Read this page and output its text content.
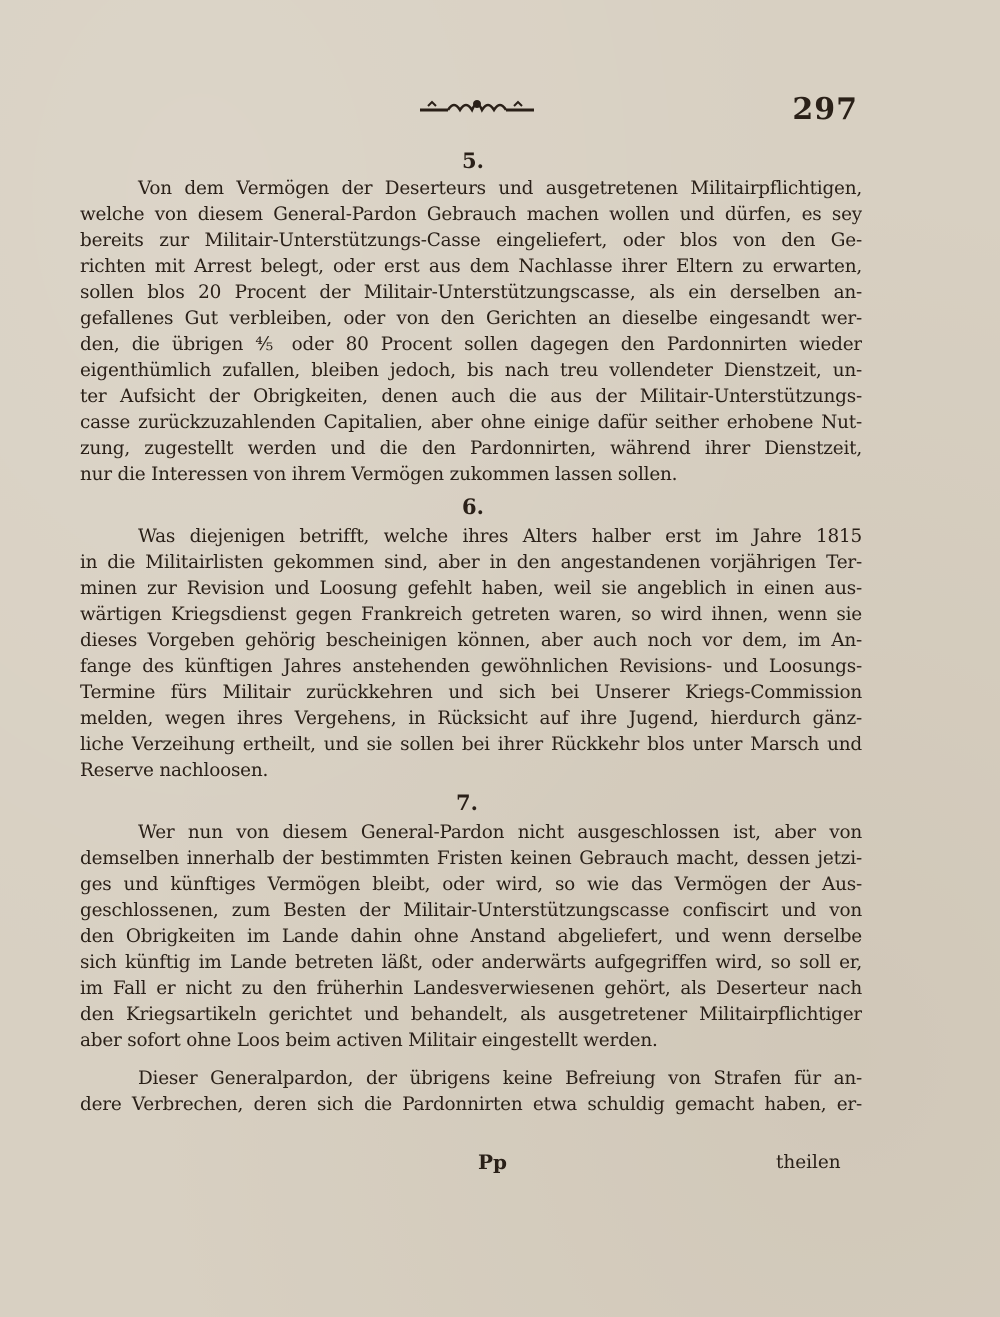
297
5.
Von dem Vermögen der Deserteurs und ausgetretenen Militairpflichtigen,
welche von diesem General-Pardon Gebrauch machen wollen und dürfen, es sey
bereits zur Militair-Unterstützungs-Casse eingeliefert, oder blos von den Ge-
richten mit Arrest belegt, oder erst aus dem Nachlasse ihrer Eltern zu erwarten,
sollen blos 20 Procent der Militair-Unterstützungscasse, als ein derselben an-
gefallenes Gut verbleiben, oder von den Gerichten an dieselbe eingesandt wer-
den, die übrigen ⅘ oder 80 Procent sollen dagegen den Pardonnirten wieder
eigenthümlich zufallen, bleiben jedoch, bis nach treu vollendeter Dienstzeit, un-
ter Aufsicht der Obrigkeiten, denen auch die aus der Militair-Unterstützungs-
casse zurückzuzahlenden Capitalien, aber ohne einige dafür seither erhobene Nut-
zung, zugestellt werden und die den Pardonnirten, während ihrer Dienstzeit,
nur die Interessen von ihrem Vermögen zukommen lassen sollen.
6.
Was diejenigen betrifft, welche ihres Alters halber erst im Jahre 1815
in die Militairlisten gekommen sind, aber in den angestandenen vorjährigen Ter-
minen zur Revision und Loosung gefehlt haben, weil sie angeblich in einen aus-
wärtigen Kriegsdienst gegen Frankreich getreten waren, so wird ihnen, wenn sie
dieses Vorgeben gehörig bescheinigen können, aber auch noch vor dem, im An-
fange des künftigen Jahres anstehenden gewöhnlichen Revisions- und Loosungs-
Termine fürs Militair zurückkehren und sich bei Unserer Kriegs-Commission
melden, wegen ihres Vergehens, in Rücksicht auf ihre Jugend, hierdurch gänz-
liche Verzeihung ertheilt, und sie sollen bei ihrer Rückkehr blos unter Marsch und
Reserve nachloosen.
7.
Wer nun von diesem General-Pardon nicht ausgeschlossen ist, aber von
demselben innerhalb der bestimmten Fristen keinen Gebrauch macht, dessen jetzi-
ges und künftiges Vermögen bleibt, oder wird, so wie das Vermögen der Aus-
geschlossenen, zum Besten der Militair-Unterstützungscasse confiscirt und von
den Obrigkeiten im Lande dahin ohne Anstand abgeliefert, und wenn derselbe
sich künftig im Lande betreten läßt, oder anderwärts aufgegriffen wird, so soll er,
im Fall er nicht zu den früherhin Landesverwiesenen gehört, als Deserteur nach
den Kriegsartikeln gerichtet und behandelt, als ausgetretener Militairpflichtiger
aber sofort ohne Loos beim activen Militair eingestellt werden.
Dieser Generalpardon, der übrigens keine Befreiung von Strafen für an-
dere Verbrechen, deren sich die Pardonnirten etwa schuldig gemacht haben, er-
Pp	theilen
